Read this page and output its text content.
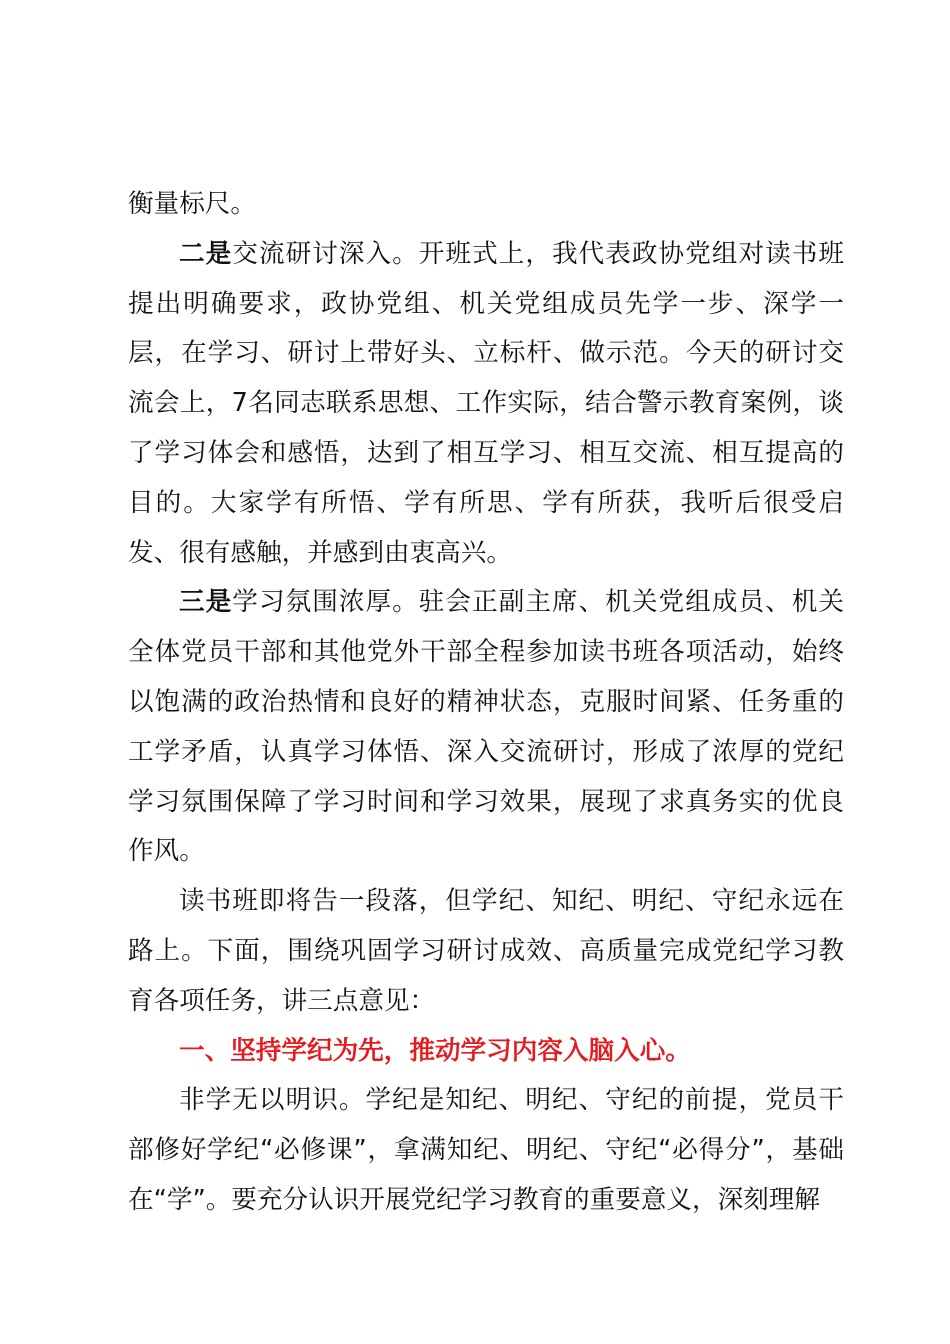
衡量标尺。

二是交流研讨深入。开班式上，我代表政协党组对读书班提出明确要求，政协党组、机关党组成员先学一步、深学一层，在学习、研讨上带好头、立标杆、做示范。今天的研讨交流会上，7名同志联系思想、工作实际，结合警示教育案例，谈了学习体会和感悟，达到了相互学习、相互交流、相互提高的目的。大家学有所悟、学有所思、学有所获，我听后很受启发、很有感触，并感到由衷高兴。

三是学习氛围浓厚。驻会正副主席、机关党组成员、机关全体党员干部和其他党外干部全程参加读书班各项活动，始终以饱满的政治热情和良好的精神状态，克服时间紧、任务重的工学矛盾，认真学习体悟、深入交流研讨，形成了浓厚的党纪学习氛围保障了学习时间和学习效果，展现了求真务实的优良作风。

读书班即将告一段落，但学纪、知纪、明纪、守纪永远在路上。下面，围绕巩固学习研讨成效、高质量完成党纪学习教育各项任务，讲三点意见：

一、坚持学纪为先，推动学习内容入脑入心。

非学无以明识。学纪是知纪、明纪、守纪的前提，党员干部修好学纪“必修课”，拿满知纪、明纪、守纪“必得分”，基础在“学”。要充分认识开展党纪学习教育的重要意义，深刻理解
